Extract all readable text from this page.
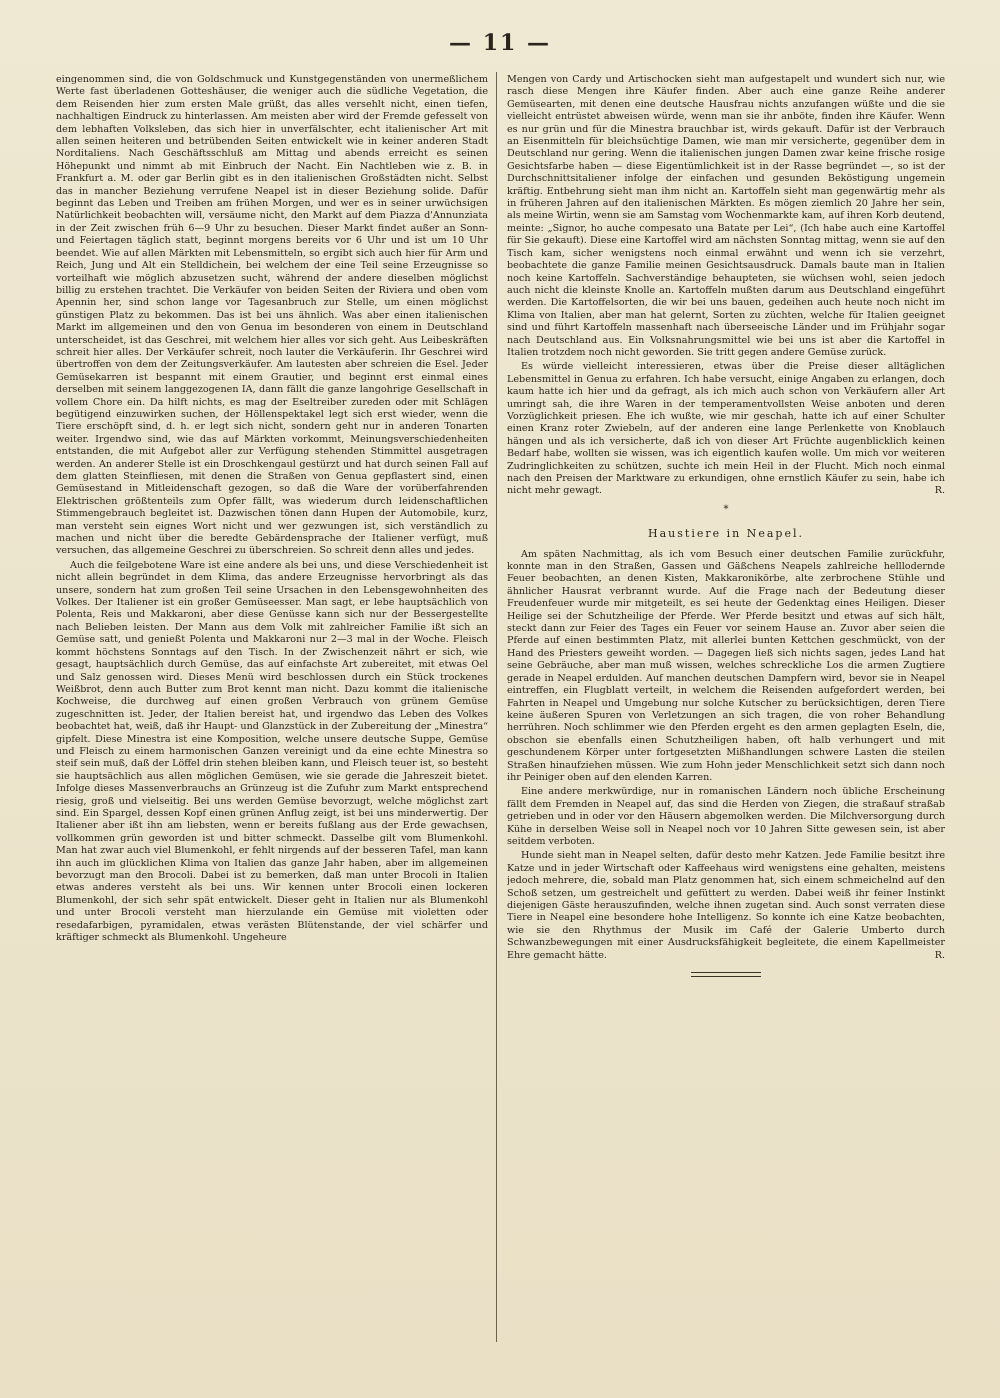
— 11 —

eingenommen sind, die von Goldschmuck und Kunstgegenständen von unermeßlichem Werte fast überladenen Gotteshäuser, die weniger auch die südliche Vegetation, die dem Reisenden hier zum ersten Male grüßt, das alles versehlt nicht, einen tiefen, nachhaltigen Eindruck zu hinterlassen. Am meisten aber wird der Fremde gefesselt von dem lebhaften Volksleben, das sich hier in unverfälschter, echt italienischer Art mit allen seinen heiteren und betrübenden Seiten entwickelt wie in keiner anderen Stadt Norditaliens. Nach Geschäftsschluß am Mittag und abends erreicht es seinen Höhepunkt und nimmt ab mit Einbruch der Nacht. Ein Nachtleben wie z. B. in Frankfurt a. M. oder gar Berlin gibt es in den italienischen Großstädten nicht. Selbst das in mancher Beziehung verrufene Neapel ist in dieser Beziehung solide. Dafür beginnt das Leben und Treiben am frühen Morgen, und wer es in seiner urwüchsigen Natürlichkeit beobachten will, versäume nicht, den Markt auf dem Piazza d'Annunziata in der Zeit zwischen früh 6—9 Uhr zu besuchen. Dieser Markt findet außer an Sonn- und Feiertagen täglich statt, beginnt morgens bereits vor 6 Uhr und ist um 10 Uhr beendet. Wie auf allen Märkten mit Lebensmitteln, so ergibt sich auch hier für Arm und Reich, Jung und Alt ein Stelldichein, bei welchem der eine Teil seine Erzeugnisse so vorteilhaft wie möglich abzusetzen sucht, während der andere dieselben möglichst billig zu erstehen trachtet. Die Verkäufer von beiden Seiten der Riviera und oben vom Apennin her, sind schon lange vor Tagesanbruch zur Stelle, um einen möglichst günstigen Platz zu bekommen. Das ist bei uns ähnlich. Was aber einen italienischen Markt im allgemeinen und den von Genua im besonderen von einem in Deutschland unterscheidet, ist das Geschrei, mit welchem hier alles vor sich geht. Aus Leibeskräften schreit hier alles. Der Verkäufer schreit, noch lauter die Verkäuferin. Ihr Geschrei wird übertroffen von dem der Zeitungsverkäufer. Am lautesten aber schreien die Esel. Jeder Gemüsekarren ist bespannt mit einem Grautier, und beginnt erst einmal eines derselben mit seinem langgezogenen IA, dann fällt die ganze langohrige Gesellschaft in vollem Chore ein. Da hilft nichts, es mag der Eseltreiber zureden oder mit Schlägen begütigend einzuwirken suchen, der Höllenspektakel legt sich erst wieder, wenn die Tiere erschöpft sind, d. h. er legt sich nicht, sondern geht nur in anderen Tonarten weiter. Irgendwo sind, wie das auf Märkten vorkommt, Meinungsverschiedenheiten entstanden, die mit Aufgebot aller zur Verfügung stehenden Stimmittel ausgetragen werden. An anderer Stelle ist ein Droschkengaul gestürzt und hat durch seinen Fall auf dem glatten Steinfliesen, mit denen die Straßen von Genua gepflastert sind, einen Gemüsestand in Mitleidenschaft gezogen, so daß die Ware der vorüberfahrenden Elektrischen größtenteils zum Opfer fällt, was wiederum durch leidenschaftlichen Stimmengebrauch begleitet ist. Dazwischen tönen dann Hupen der Automobile, kurz, man versteht sein eignes Wort nicht und wer gezwungen ist, sich verständlich zu machen und nicht über die beredte Gebärdensprache der Italiener verfügt, muß versuchen, das allgemeine Geschrei zu überschreien. So schreit denn alles und jedes.

Auch die feilgebotene Ware ist eine andere als bei uns, und diese Verschiedenheit ist nicht allein begründet in dem Klima, das andere Erzeugnisse hervorbringt als das unsere, sondern hat zum großen Teil seine Ursachen in den Lebensgewohnheiten des Volkes. Der Italiener ist ein großer Gemüseesser. Man sagt, er lebe hauptsächlich von Polenta, Reis und Makkaroni, aber diese Genüsse kann sich nur der Bessergestellte nach Belieben leisten. Der Mann aus dem Volk mit zahlreicher Familie ißt sich an Gemüse satt, und genießt Polenta und Makkaroni nur 2—3 mal in der Woche. Fleisch kommt höchstens Sonntags auf den Tisch. In der Zwischenzeit nährt er sich, wie gesagt, hauptsächlich durch Gemüse, das auf einfachste Art zubereitet, mit etwas Oel und Salz genossen wird. Dieses Menü wird beschlossen durch ein Stück trockenes Weißbrot, denn auch Butter zum Brot kennt man nicht. Dazu kommt die italienische Kochweise, die durchweg auf einen großen Verbrauch von grünem Gemüse zugeschnitten ist. Jeder, der Italien bereist hat, und irgendwo das Leben des Volkes beobachtet hat, weiß, daß ihr Haupt- und Glanzstück in der Zubereitung der „Minestra“ gipfelt. Diese Minestra ist eine Komposition, welche unsere deutsche Suppe, Gemüse und Fleisch zu einem harmonischen Ganzen vereinigt und da eine echte Minestra so steif sein muß, daß der Löffel drin stehen bleiben kann, und Fleisch teuer ist, so besteht sie hauptsächlich aus allen möglichen Gemüsen, wie sie gerade die Jahreszeit bietet. Infolge dieses Massenverbrauchs an Grünzeug ist die Zufuhr zum Markt entsprechend riesig, groß und vielseitig. Bei uns werden Gemüse bevorzugt, welche möglichst zart sind. Ein Spargel, dessen Kopf einen grünen Anflug zeigt, ist bei uns minderwertig. Der Italiener aber ißt ihn am liebsten, wenn er bereits fußlang aus der Erde gewachsen, vollkommen grün geworden ist und bitter schmeckt. Dasselbe gilt vom Blumenkohl. Man hat zwar auch viel Blumenkohl, er fehlt nirgends auf der besseren Tafel, man kann ihn auch im glücklichen Klima von Italien das ganze Jahr haben, aber im allgemeinen bevorzugt man den Brocoli. Dabei ist zu bemerken, daß man unter Brocoli in Italien etwas anderes versteht als bei uns. Wir kennen unter Brocoli einen lockeren Blumenkohl, der sich sehr spät entwickelt. Dieser geht in Italien nur als Blumenkohl und unter Brocoli versteht man hierzulande ein Gemüse mit violetten oder resedafarbigen, pyramidalen, etwas verästen Blütenstande, der viel schärfer und kräftiger schmeckt als Blumenkohl. Ungeheure

Mengen von Cardy und Artischocken sieht man aufgestapelt und wundert sich nur, wie rasch diese Mengen ihre Käufer finden. Aber auch eine ganze Reihe anderer Gemüsearten, mit denen eine deutsche Hausfrau nichts anzufangen wüßte und die sie vielleicht entrüstet abweisen würde, wenn man sie ihr anböte, finden ihre Käufer. Wenn es nur grün und für die Minestra brauchbar ist, wirds gekauft. Dafür ist der Verbrauch an Eisenmitteln für bleichsüchtige Damen, wie man mir versicherte, gegenüber dem in Deutschland nur gering. Wenn die italienischen jungen Damen zwar keine frische rosige Gesichtsfarbe haben — diese Eigentümlichkeit ist in der Rasse begründet —, so ist der Durchschnittsitaliener infolge der einfachen und gesunden Beköstigung ungemein kräftig. Entbehrung sieht man ihm nicht an. Kartoffeln sieht man gegenwärtig mehr als in früheren Jahren auf den italienischen Märkten. Es mögen ziemlich 20 Jahre her sein, als meine Wirtin, wenn sie am Samstag vom Wochenmarkte kam, auf ihren Korb deutend, meinte: „Signor, ho auche compesato una Batate per Lei“, (Ich habe auch eine Kartoffel für Sie gekauft). Diese eine Kartoffel wird am nächsten Sonntag mittag, wenn sie auf den Tisch kam, sicher wenigstens noch einmal erwähnt und wenn ich sie verzehrt, beobachtete die ganze Familie meinen Gesichtsausdruck. Damals baute man in Italien noch keine Kartoffeln. Sachverständige behaupteten, sie wüchsen wohl, seien jedoch auch nicht die kleinste Knolle an. Kartoffeln mußten darum aus Deutschland eingeführt werden. Die Kartoffelsorten, die wir bei uns bauen, gedeihen auch heute noch nicht im Klima von Italien, aber man hat gelernt, Sorten zu züchten, welche für Italien geeignet sind und führt Kartoffeln massenhaft nach überseeische Länder und im Frühjahr sogar nach Deutschland aus. Ein Volksnahrungsmittel wie bei uns ist aber die Kartoffel in Italien trotzdem noch nicht geworden. Sie tritt gegen andere Gemüse zurück.

Es würde vielleicht interessieren, etwas über die Preise dieser alltäglichen Lebensmittel in Genua zu erfahren. Ich habe versucht, einige Angaben zu erlangen, doch kaum hatte ich hier und da gefragt, als ich mich auch schon von Verkäufern aller Art umringt sah, die ihre Waren in der temperamentvollsten Weise anboten und deren Vorzüglichkeit priesen. Ehe ich wußte, wie mir geschah, hatte ich auf einer Schulter einen Kranz roter Zwiebeln, auf der anderen eine lange Perlenkette von Knoblauch hängen und als ich versicherte, daß ich von dieser Art Früchte augenblicklich keinen Bedarf habe, wollten sie wissen, was ich eigentlich kaufen wolle. Um mich vor weiteren Zudringlichkeiten zu schützen, suchte ich mein Heil in der Flucht. Mich noch einmal nach den Preisen der Marktware zu erkundigen, ohne ernstlich Käufer zu sein, habe ich nicht mehr gewagt.	R.

*
Haustiere in Neapel.

Am späten Nachmittag, als ich vom Besuch einer deutschen Familie zurückfuhr, konnte man in den Straßen, Gassen und Gäßchens Neapels zahlreiche helllodernde Feuer beobachten, an denen Kisten, Makkaronikörbe, alte zerbrochene Stühle und ähnlicher Hausrat verbrannt wurde. Auf die Frage nach der Bedeutung dieser Freudenfeuer wurde mir mitgeteilt, es sei heute der Gedenktag eines Heiligen. Dieser Heilige sei der Schutzheilige der Pferde. Wer Pferde besitzt und etwas auf sich hält, steckt dann zur Feier des Tages ein Feuer vor seinem Hause an. Zuvor aber seien die Pferde auf einen bestimmten Platz, mit allerlei bunten Kettchen geschmückt, von der Hand des Priesters geweiht worden. — Dagegen ließ sich nichts sagen, jedes Land hat seine Gebräuche, aber man muß wissen, welches schreckliche Los die armen Zugtiere gerade in Neapel erdulden. Auf manchen deutschen Dampfern wird, bevor sie in Neapel eintreffen, ein Flugblatt verteilt, in welchem die Reisenden aufgefordert werden, bei Fahrten in Neapel und Umgebung nur solche Kutscher zu berücksichtigen, deren Tiere keine äußeren Spuren von Verletzungen an sich tragen, die von roher Behandlung herrühren. Noch schlimmer wie den Pferden ergeht es den armen geplagten Eseln, die, obschon sie ebenfalls einen Schutzheiligen haben, oft halb verhungert und mit geschundenem Körper unter fortgesetzten Mißhandlungen schwere Lasten die steilen Straßen hinaufziehen müssen. Wie zum Hohn jeder Menschlichkeit setzt sich dann noch ihr Peiniger oben auf den elenden Karren.

Eine andere merkwürdige, nur in romanischen Ländern noch übliche Erscheinung fällt dem Fremden in Neapel auf, das sind die Herden von Ziegen, die straßauf straßab getrieben und in oder vor den Häusern abgemolken werden. Die Milchversorgung durch Kühe in derselben Weise soll in Neapel noch vor 10 Jahren Sitte gewesen sein, ist aber seitdem verboten.

Hunde sieht man in Neapel selten, dafür desto mehr Katzen. Jede Familie besitzt ihre Katze und in jeder Wirtschaft oder Kaffeehaus wird wenigstens eine gehalten, meistens jedoch mehrere, die, sobald man Platz genommen hat, sich einem schmeichelnd auf den Schoß setzen, um gestreichelt und gefüttert zu werden. Dabei weiß ihr feiner Instinkt diejenigen Gäste herauszufinden, welche ihnen zugetan sind. Auch sonst verraten diese Tiere in Neapel eine besondere hohe Intelligenz. So konnte ich eine Katze beobachten, wie sie den Rhythmus der Musik im Café der Galerie Umberto durch Schwanzbewegungen mit einer Ausdrucksfähigkeit begleitete, die einem Kapellmeister Ehre gemacht hätte.	R.
